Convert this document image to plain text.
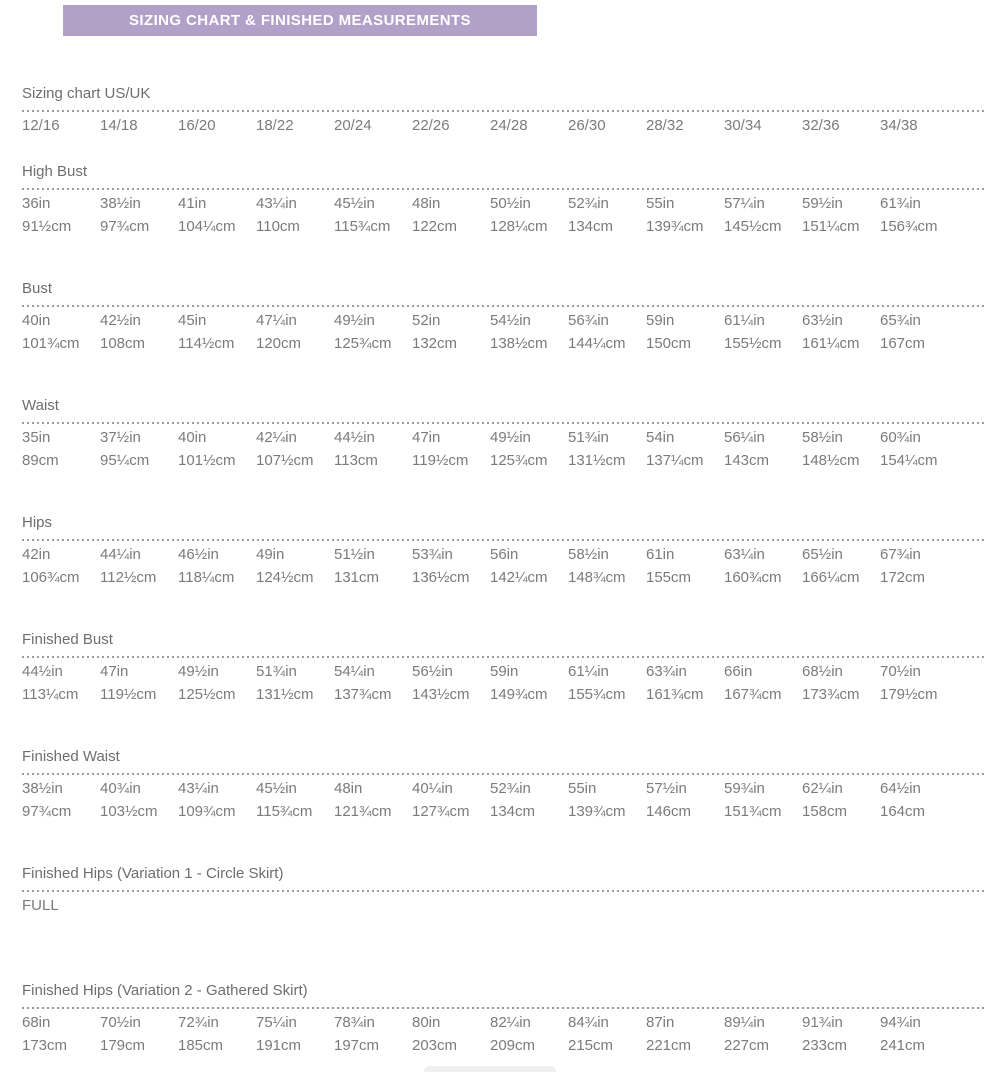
SIZING CHART & FINISHED MEASUREMENTS
Sizing chart US/UK
12/16	14/18	16/20	18/22	20/24	22/26	24/28	26/30	28/32	30/34	32/36	34/38
High Bust
36in	38½in	41in	43¼in	45½in	48in	50½in	52¾in	55in	57¼in	59½in	61¾in
91½cm	97¾cm	104¼cm	110cm	115¾cm	122cm	128¼cm	134cm	139¾cm	145½cm	151¼cm	156¾cm
Bust
40in	42½in	45in	47¼in	49½in	52in	54½in	56¾in	59in	61¼in	63½in	65¾in
101¾cm	108cm	114½cm	120cm	125¾cm	132cm	138½cm	144¼cm	150cm	155½cm	161¼cm	167cm
Waist
35in	37½in	40in	42¼in	44½in	47in	49½in	51¾in	54in	56¼in	58½in	60¾in
89cm	95¼cm	101½cm	107½cm	113cm	119½cm	125¾cm	131½cm	137¼cm	143cm	148½cm	154¼cm
Hips
42in	44¼in	46½in	49in	51½in	53¾in	56in	58½in	61in	63¼in	65½in	67¾in
106¾cm	112½cm	118¼cm	124½cm	131cm	136½cm	142¼cm	148¾cm	155cm	160¾cm	166¼cm	172cm
Finished Bust
44½in	47in	49½in	51¾in	54¼in	56½in	59in	61¼in	63¾in	66in	68½in	70½in
113¼cm	119½cm	125½cm	131½cm	137¾cm	143½cm	149¾cm	155¾cm	161¾cm	167¾cm	173¾cm	179½cm
Finished Waist
38½in	40¾in	43¼in	45½in	48in	40¼in	52¾in	55in	57½in	59¾in	62¼in	64½in
97¾cm	103½cm	109¾cm	115¾cm	121¾cm	127¾cm	134cm	139¾cm	146cm	151¾cm	158cm	164cm
Finished Hips (Variation 1 - Circle Skirt)
FULL
Finished Hips (Variation 2 - Gathered Skirt)
68in	70½in	72¾in	75¼in	78¾in	80in	82¼in	84¾in	87in	89¼in	91¾in	94¾in
173cm	179cm	185cm	191cm	197cm	203cm	209cm	215cm	221cm	227cm	233cm	241cm
